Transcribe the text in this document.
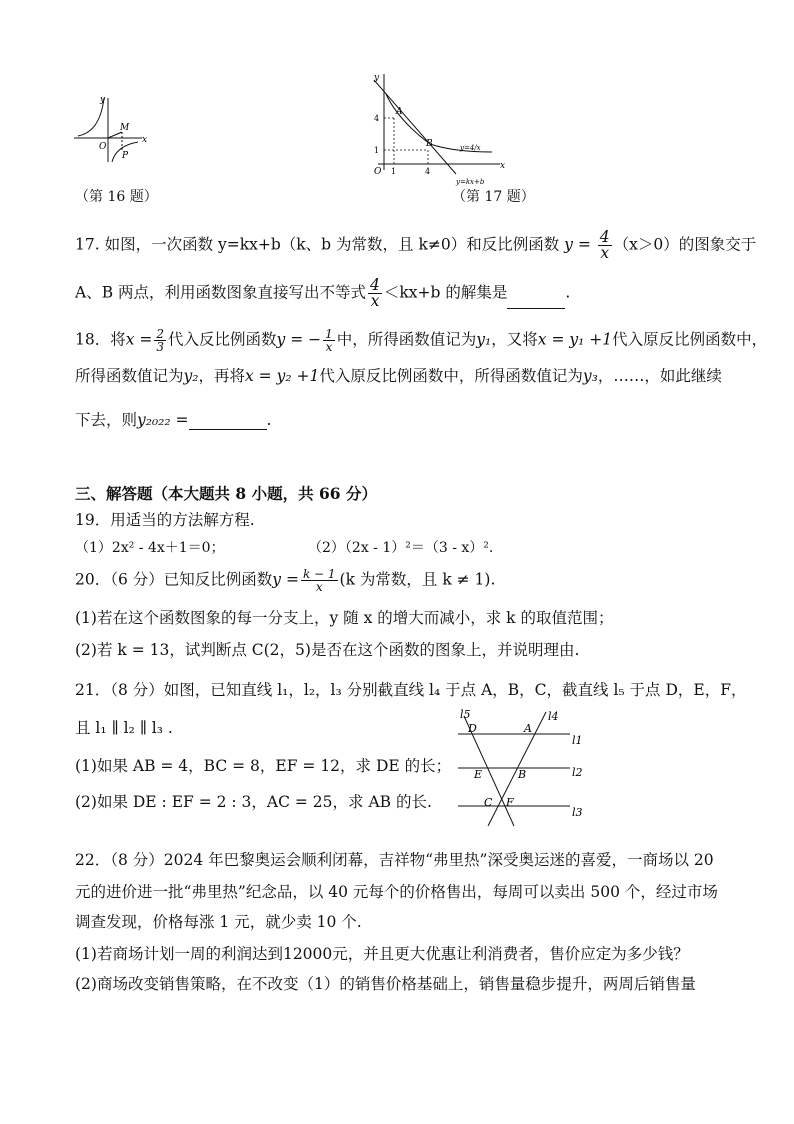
y
x
O
M
P
（第 16 题）
y
x
O
A
B
4
1
1	4
y=4/x
y=kx+b
（第 17 题）
17. 如图，一次函数 y=kx+b（k、b 为常数，且 k≠0）和反比例函数 $y = \frac{4}{x} (x>0)$的图象交于
A、B 两点，利用函数图象直接写出不等式 $\frac{4}{x} <kx+b$ 的解集是	.
18．将$x = \frac{2}{3}$ 代入反比例函数y = − $\frac{1}{x}$ 中，所得函数值记为y₁，又将x = y₁ +1代入原反比例函数中，
所得函数值记为y₂，再将x = y₂ +1代入原反比例函数中，所得函数值记为y₃，……，如此继续
下去，则y₂₀₂₂ =	.
三、解答题（本大题共 8 小题，共 66 分）
19．用适当的方法解方程.
（1）2x² - 4x＋1＝0；	（2）（2x - 1）²＝（3 - x）².
20．（6 分）已知反比例函数$y = \frac{k - 1}{x} (k$ 为常数，且 k ≠ 1).
(1)若在这个函数图象的每一分支上，y 随 x 的增大而减小，求 k 的取值范围；
(2)若 k = 13，试判断点 C(2，5)是否在这个函数的图象上，并说明理由.
21．（8 分）如图，已知直线 l₁，l₂，l₃ 分别截直线 l₄ 于点 A，B，C，截直线 l₅ 于点 D，E，F，
且 l₁ ∥ l₂ ∥ l₃ .
(1)如果 AB = 4，BC = 8，EF = 12，求 DE 的长；
(2)如果 DE : EF = 2 : 3，AC = 25，求 AB 的长.
l5	l4
l1
l2
l3
D	A
E	B
C F
22．（8 分）2024 年巴黎奥运会顺利闭幕，吉祥物“弗里热”深受奥运迷的喜爱，一商场以 20
元的进价进一批“弗里热”纪念品，以 40 元每个的价格售出，每周可以卖出 500 个，经过市场
调查发现，价格每涨 1 元，就少卖 10 个.
(1)若商场计划一周的利润达到12000元，并且更大优惠让利消费者，售价应定为多少钱？
(2)商场改变销售策略，在不改变（1）的销售价格基础上，销售量稳步提升，两周后销售量
